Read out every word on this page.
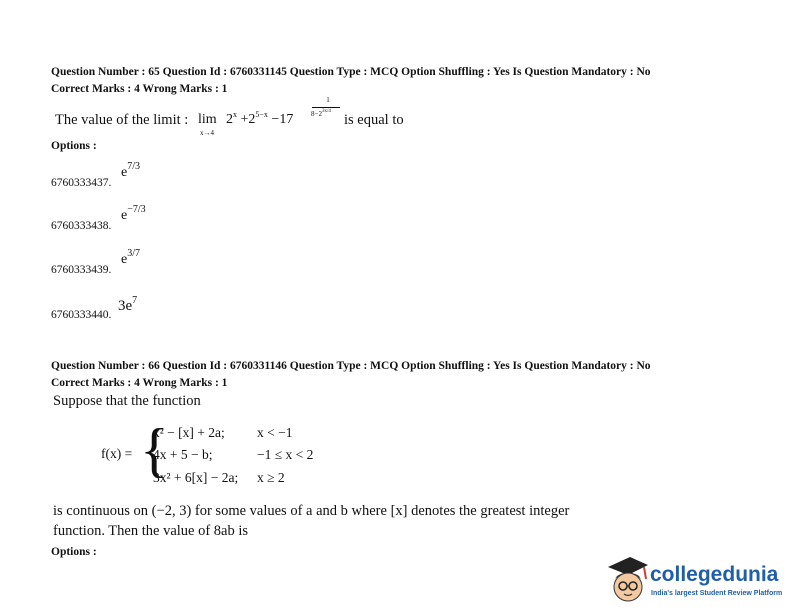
Question Number : 65 Question Id : 6760331145 Question Type : MCQ Option Shuffling : Yes Is Question Mandatory : No
Correct Marks : 4 Wrong Marks : 1
The value of the limit : lim
x→4
$2^x +2^{5-x} -17$
1
$8-2^{3x/4}$
is equal to
Options :
6760333437.
$e^{7/3}$
6760333438.
$e^{-7/3}$
6760333439.
$e^{3/7}$
6760333440.
$3e^7$
Question Number : 66 Question Id : 6760331146 Question Type : MCQ Option Shuffling : Yes Is Question Mandatory : No
Correct Marks : 4 Wrong Marks : 1
Suppose that the function
f(x) = {
x² − [x] + 2a; x < −1
4x + 5 − b;	−1 ≤ x < 2
3x² + 6[x] − 2a; x ≥ 2
is continuous on (−2, 3) for some values of a and b where [x] denotes the greatest integer
function. Then the value of 8ab is
Options :
collegedunia
India's largest Student Review Platform
